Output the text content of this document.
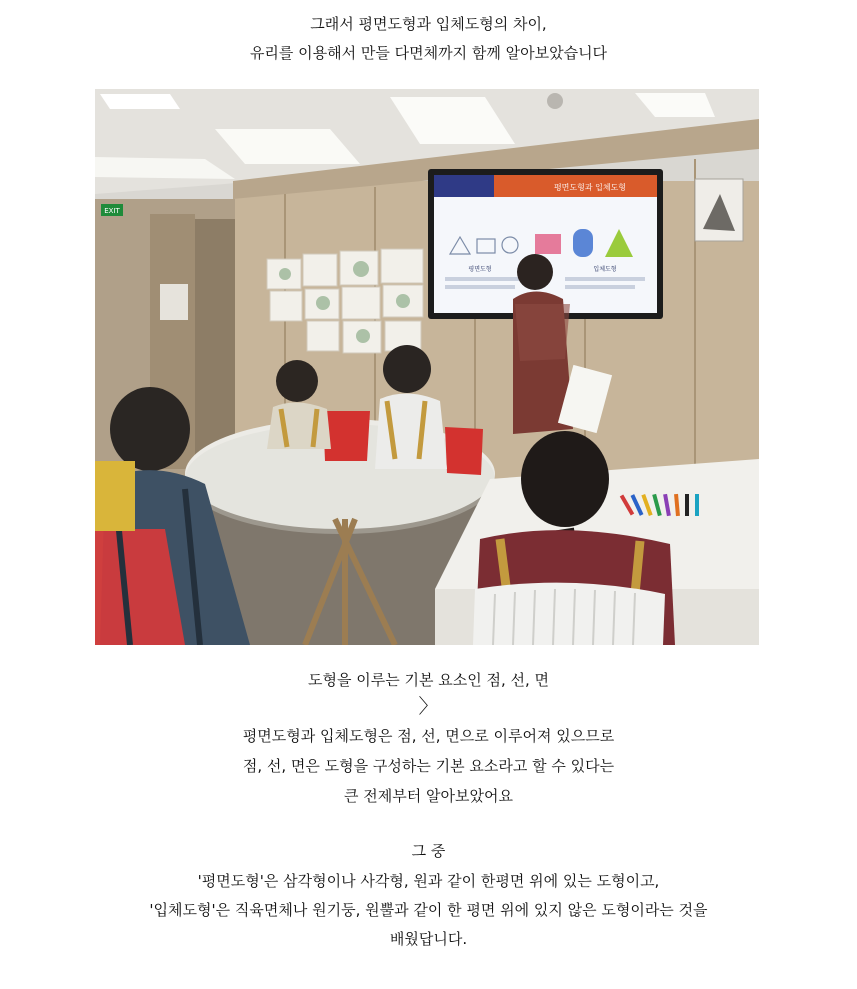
그래서 평면도형과 입체도형의 차이,
유리를 이용해서 만들 다면체까지 함께 알아보았습니다
EXIT
평면도형과 입체도형
평면도형	입체도형
도형을 이루는 기본 요소인 점, 선, 면
〉
평면도형과 입체도형은 점, 선, 면으로 이루어져 있으므로
점, 선, 면은 도형을 구성하는 기본 요소라고 할 수 있다는
큰 전제부터 알아보았어요
그 중
'평면도형'은 삼각형이나 사각형, 원과 같이 한평면 위에 있는 도형이고,
'입체도형'은 직육면체나 원기둥, 원뿔과 같이 한 평면 위에 있지 않은 도형이라는 것을
배웠답니다.
